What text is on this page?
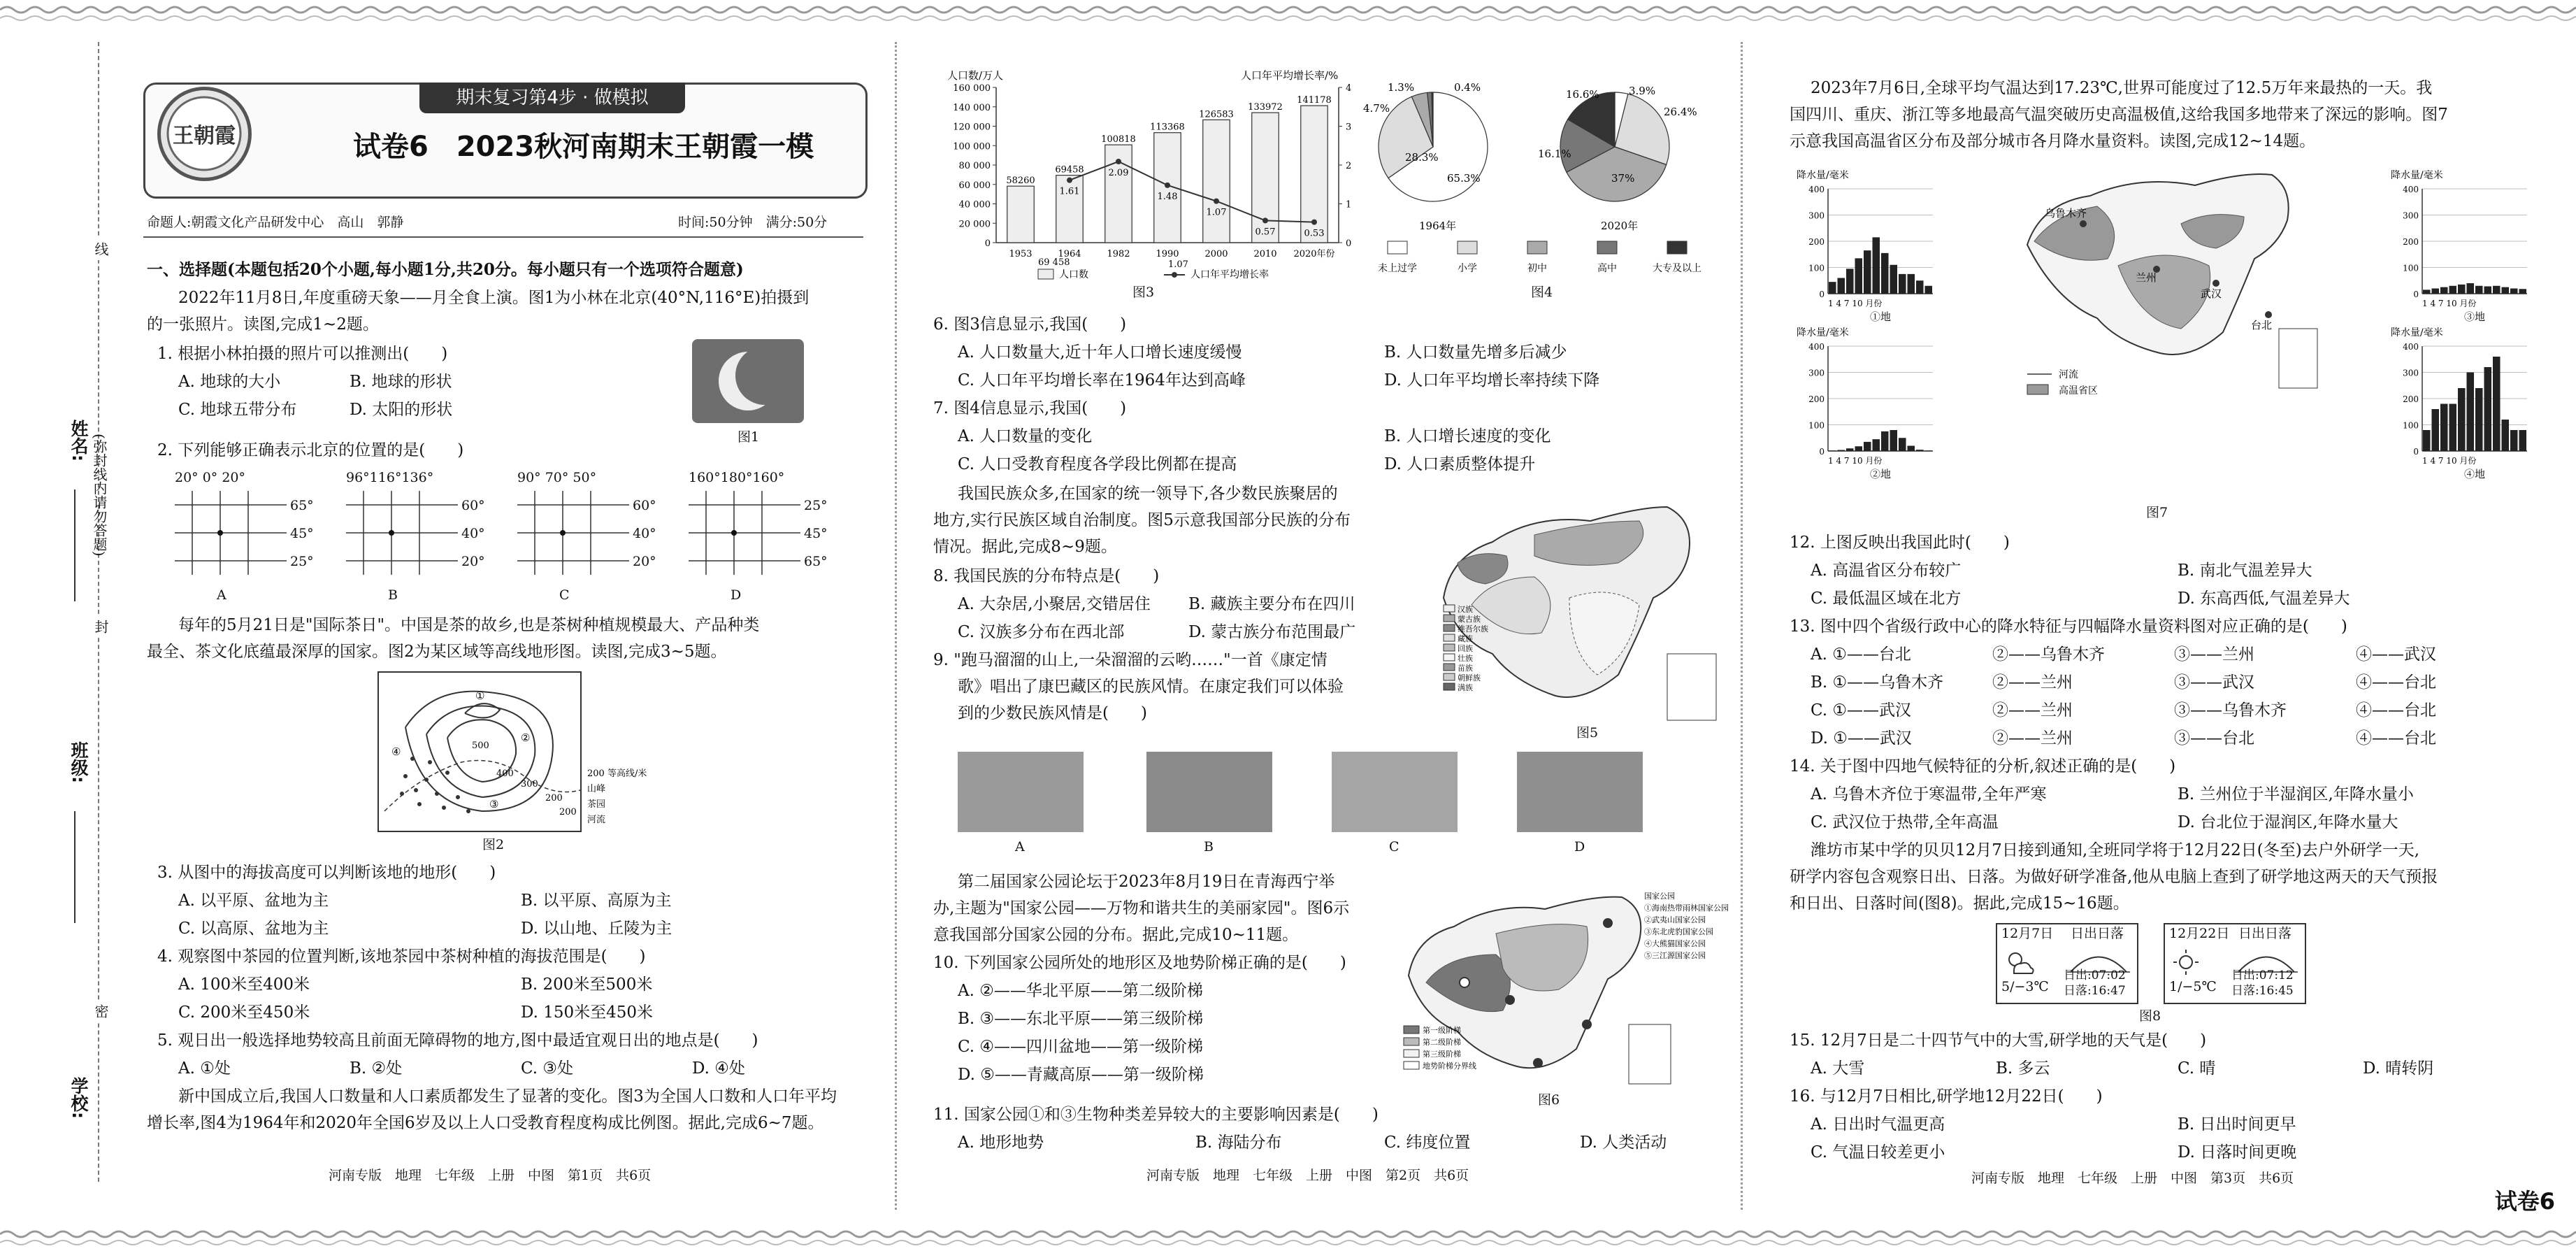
姓名:
班级:
学校:
(弥封线内请勿答题)
线
封
密
期末复习第4步 · 做模拟
王朝霞	试卷6　2023秋河南期末王朝霞一模
命题人:朝霞文化产品研发中心　高山　郭静	时间:50分钟　满分:50分
一、选择题(本题包括20个小题,每小题1分,共20分。每小题只有一个选项符合题意)
2022年11月8日,年度重磅天象——月全食上演。图1为小林在北京(40°N,116°E)拍摄到
的一张照片。读图,完成1~2题。
1. 根据小林拍摄的照片可以推测出(　　)
A. 地球的大小	B. 地球的形状
C. 地球五带分布	D. 太阳的形状
图1
2. 下列能够正确表示北京的位置的是(　　)
20° 0° 20°
65°
45°
25°
A
96°116°136°
60°
40°
20°
B
90° 70° 50°
60°
40°
20°
C
160°180°160°
25°
45°
65°
D
每年的5月21日是"国际茶日"。中国是茶的故乡,也是茶树种植规模最大、产品种类
最全、茶文化底蕴最深厚的国家。图2为某区域等高线地形图。读图,完成3~5题。
①
②
③
④	500
400
300
200
200
200 等高线/米
山峰
茶园
河流
图2
3. 从图中的海拔高度可以判断该地的地形(　　)
A. 以平原、盆地为主	B. 以平原、高原为主
C. 以高原、盆地为主	D. 以山地、丘陵为主
4. 观察图中茶园的位置判断,该地茶园中茶树种植的海拔范围是(　　)
A. 100米至400米	B. 200米至500米
C. 200米至450米	D. 150米至450米
5. 观日出一般选择地势较高且前面无障碍物的地方,图中最适宜观日出的地点是(　　)
A. ①处	B. ②处	C. ③处	D. ④处
新中国成立后,我国人口数量和人口素质都发生了显著的变化。图3为全国人口数和人口年平均
增长率,图4为1964年和2020年全国6岁及以上人口受教育程度构成比例图。据此,完成6~7题。
河南专版　地理　七年级　上册　中图　第1页　共6页
人口数/万人	人口年平均增长率/%
160 000
140 000
120 000
100 000
80 000
60 000
40 000
20 000
0
4
3
2
1
0
58260
69458
100818
113368
126583
133972
141178
1.61
2.09
1.48
1.07
0.57	0.53
1953	1964	1982	1990	2000	2010 2020年份
69 458
人口数
1.07
人口年平均增长率
图3
1.3%	0.4%
4.7%
28.3%
65.3%
16.6%	3.9%
26.4%
16.1%
37%
1964年	2020年
未上过学	小学	初中	高中	大专及以上
图4
6. 图3信息显示,我国(　　)
A. 人口数量大,近十年人口增长速度缓慢	B. 人口数量先增多后减少
C. 人口年平均增长率在1964年达到高峰	D. 人口年平均增长率持续下降
7. 图4信息显示,我国(　　)
A. 人口数量的变化	B. 人口增长速度的变化
C. 人口受教育程度各学段比例都在提高	D. 人口素质整体提升
我国民族众多,在国家的统一领导下,各少数民族聚居的
地方,实行民族区域自治制度。图5示意我国部分民族的分布
情况。据此,完成8~9题。
8. 我国民族的分布特点是(　　)
A. 大杂居,小聚居,交错居住 B. 藏族主要分布在四川
C. 汉族多分布在西北部	D. 蒙古族分布范围最广
9. "跑马溜溜的山上,一朵溜溜的云哟……"一首《康定情
歌》唱出了康巴藏区的民族风情。在康定我们可以体验
到的少数民族风情是(　　)
汉族
蒙古族
维吾尔族
藏族
回族
壮族
苗族
朝鲜族
满族
图5
A	B	C	D
第二届国家公园论坛于2023年8月19日在青海西宁举
办,主题为"国家公园——万物和谐共生的美丽家园"。图6示
意我国部分国家公园的分布。据此,完成10~11题。
10. 下列国家公园所处的地形区及地势阶梯正确的是(　　)
A. ②——华北平原——第二级阶梯
B. ③——东北平原——第三级阶梯
C. ④——四川盆地——第一级阶梯
D. ⑤——青藏高原——第一级阶梯
国家公园
①海南热带雨林国家公园
②武夷山国家公园
③东北虎豹国家公园
④大熊猫国家公园
⑤三江源国家公园
第一级阶梯
第二级阶梯
第三级阶梯
地势阶梯分界线
图6
11. 国家公园①和③生物种类差异较大的主要影响因素是(　　)
A. 地形地势	B. 海陆分布	C. 纬度位置	D. 人类活动
河南专版　地理　七年级　上册　中图　第2页　共6页
2023年7月6日,全球平均气温达到17.23℃,世界可能度过了12.5万年来最热的一天。我
国四川、重庆、浙江等多地最高气温突破历史高温极值,这给我国多地带来了深远的影响。图7
示意我国高温省区分布及部分城市各月降水量资料。读图,完成12~14题。
降水量/毫米
400
300
200
100
0
1 4 7 10 月份
①地
降水量/毫米
400
300
200
100
0
1 4 7 10 月份
②地
降水量/毫米
400
300
200
100
0
1 4 7 10 月份
③地
降水量/毫米
400
300
200
100
0
1 4 7 10 月份
④地
乌鲁木齐
兰州
武汉
台北
河流
高温省区
图7
12. 上图反映出我国此时(　　)
A. 高温省区分布较广	B. 南北气温差异大
C. 最低温区域在北方	D. 东高西低,气温差异大
13. 图中四个省级行政中心的降水特征与四幅降水量资料图对应正确的是(　　)
A. ①——台北	②——乌鲁木齐	③——兰州	④——武汉
B. ①——乌鲁木齐	②——兰州	③——武汉	④——台北
C. ①——武汉	②——兰州	③——乌鲁木齐	④——台北
D. ①——武汉	②——兰州	③——台北	④——台北
14. 关于图中四地气候特征的分析,叙述正确的是(　　)
A. 乌鲁木齐位于寒温带,全年严寒	B. 兰州位于半湿润区,年降水量小
C. 武汉位于热带,全年高温	D. 台北位于湿润区,年降水量大
潍坊市某中学的贝贝12月7日接到通知,全班同学将于12月22日(冬至)去户外研学一天,
研学内容包含观察日出、日落。为做好研学准备,他从电脑上查到了研学地这两天的天气预报
和日出、日落时间(图8)。据此,完成15~16题。
12月7日 日出日落
5/−3℃
日出:07:02
日落:16:47
12月22日 日出日落
1/−5℃
日出:07:12
日落:16:45
图8
15. 12月7日是二十四节气中的大雪,研学地的天气是(　　)
A. 大雪	B. 多云	C. 晴	D. 晴转阴
16. 与12月7日相比,研学地12月22日(　　)
A. 日出时气温更高	B. 日出时间更早
C. 气温日较差更小	D. 日落时间更晚
河南专版　地理　七年级　上册　中图　第3页　共6页
试卷6
